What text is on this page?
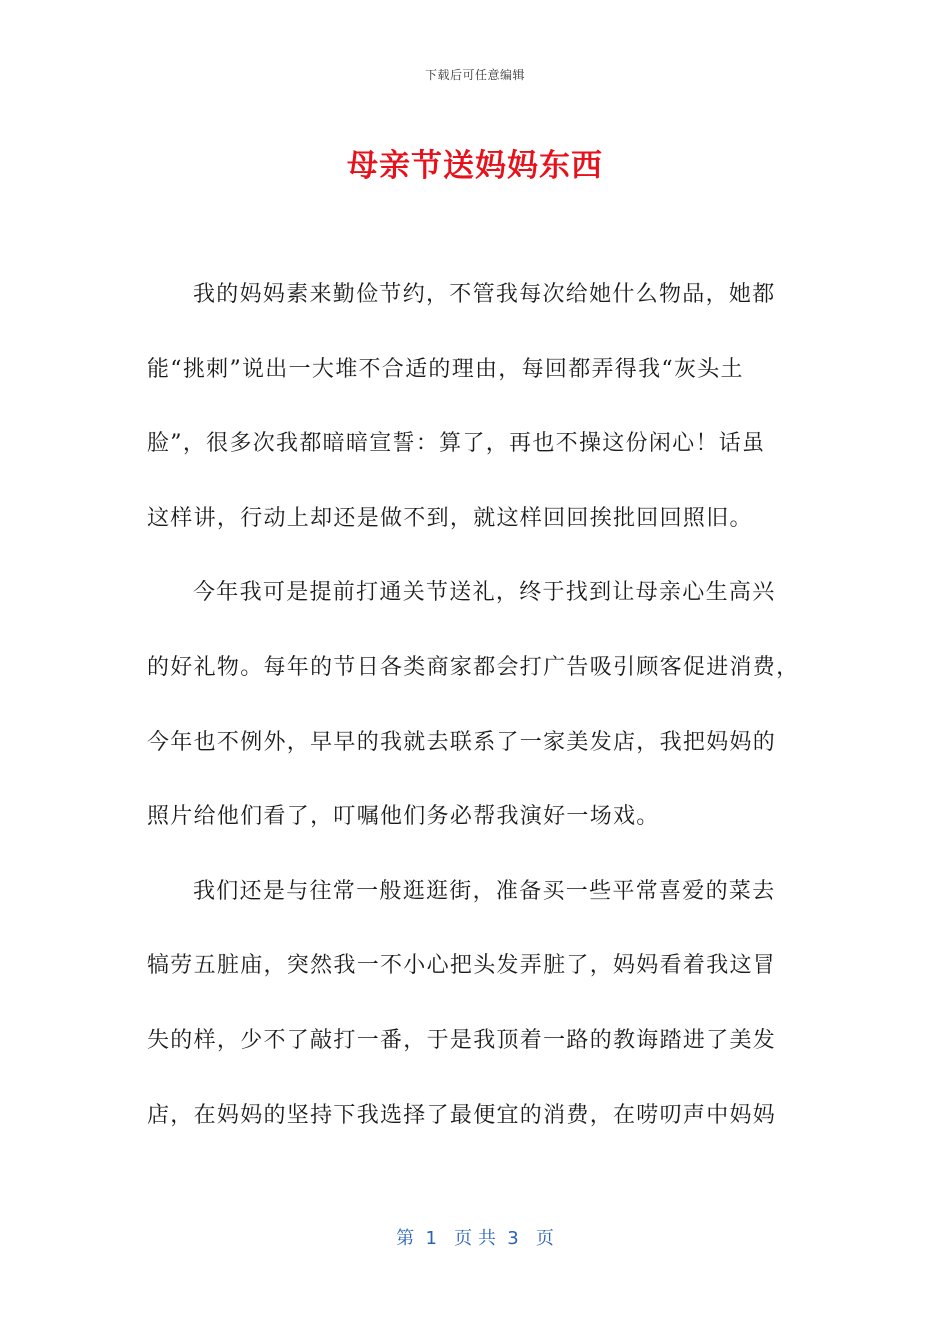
下载后可任意编辑
母亲节送妈妈东西
我的妈妈素来勤俭节约，不管我每次给她什么物品，她都
能“挑刺”说出一大堆不合适的理由，每回都弄得我“灰头土
脸”，很多次我都暗暗宣誓：算了，再也不操这份闲心！话虽
这样讲，行动上却还是做不到，就这样回回挨批回回照旧。
今年我可是提前打通关节送礼，终于找到让母亲心生高兴
的好礼物。每年的节日各类商家都会打广告吸引顾客促进消费，
今年也不例外，早早的我就去联系了一家美发店，我把妈妈的
照片给他们看了，叮嘱他们务必帮我演好一场戏。
我们还是与往常一般逛逛街，准备买一些平常喜爱的菜去
犒劳五脏庙，突然我一不小心把头发弄脏了，妈妈看着我这冒
失的样，少不了敲打一番，于是我顶着一路的教诲踏进了美发
店，在妈妈的坚持下我选择了最便宜的消费，在唠叨声中妈妈
第  1   页 共  3   页
